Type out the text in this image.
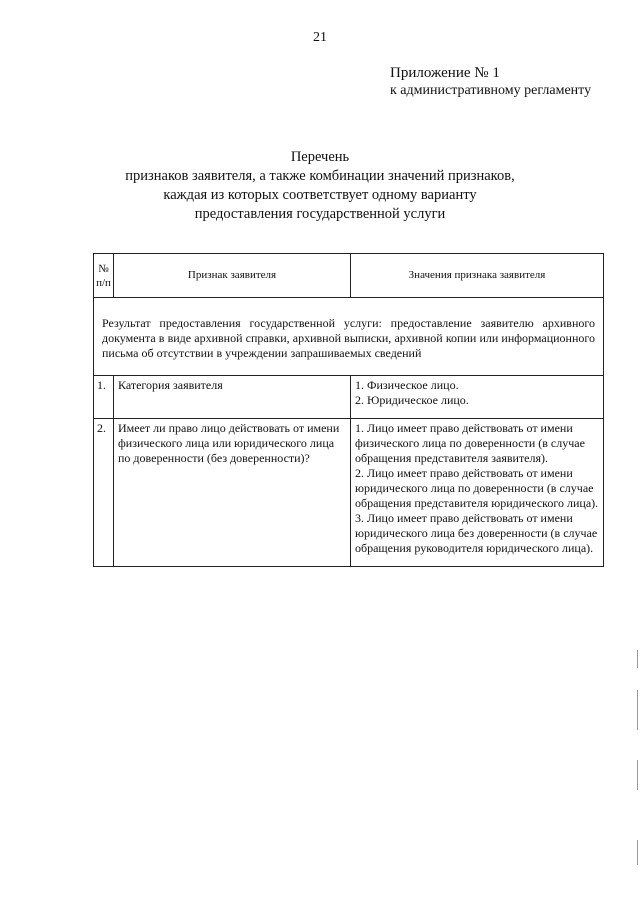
21
Приложение № 1
к административному регламенту
Перечень
признаков заявителя, а также комбинации значений признаков,
каждая из которых соответствует одному варианту
предоставления государственной услуги
№ п/п	Признак заявителя	Значения признака заявителя
Результат предоставления государственной услуги: предоставление заявителю архивного документа в виде архивной справки, архивной выписки, архивной копии или информационного письма об отсутствии в учреждении запрашиваемых сведений		
1.	Категория заявителя	1. Физическое лицо.
2. Юридическое лицо.

2.	Имеет ли право лицо действовать от имени физического лица или юридического лица по доверенности (без доверенности)?	1. Лицо имеет право действовать от имени физического лица по доверенности (в случае обращения представителя заявителя).
2. Лицо имеет право действовать от имени юридического лица по доверенности (в случае обращения представителя юридического лица).
3. Лицо имеет право действовать от имени юридического лица без доверенности (в случае обращения руководителя юридического лица).
